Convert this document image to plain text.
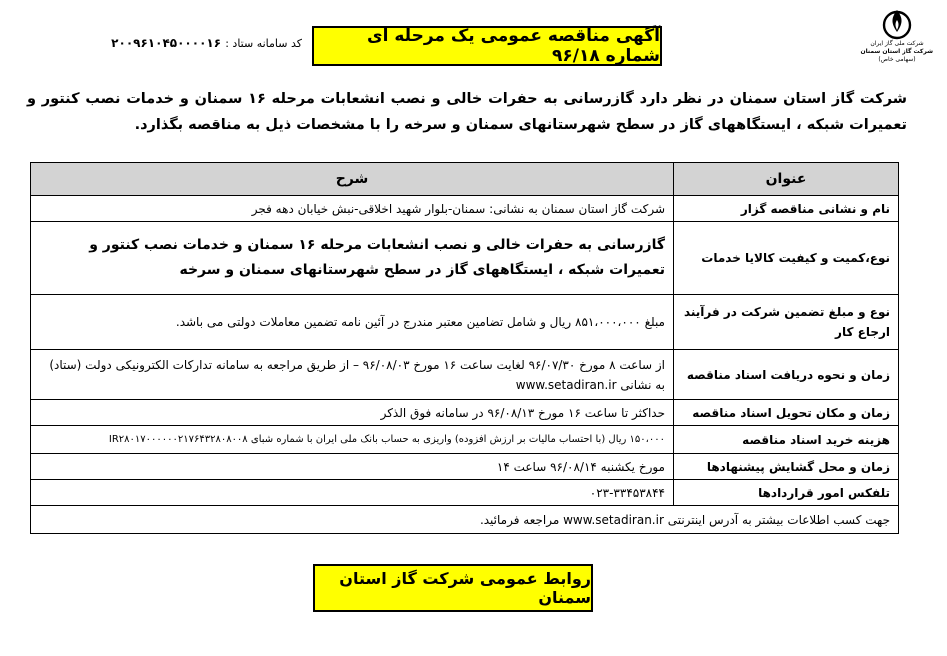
شرکت ملی گاز ایران
شرکت گاز استان سمنان
(سهامی خاص)
آگهی مناقصه عمومی یک مرحله ای شماره ۹۶/۱۸
کد سامانه ستاد : ۲۰۰۹۶۱۰۴۵۰۰۰۰۱۶
شرکت گاز استان سمنان در نظر دارد گازرسانی به حفرات خالی و نصب انشعابات مرحله ۱۶ سمنان و خدمات نصب کنتور و تعمیرات شبکه ، ایستگاههای گاز در سطح شهرستانهای سمنان و سرخه را با مشخصات ذیل به مناقصه بگذارد.
عنوان	شرح
نام و نشانی مناقصه گزار	شرکت گاز استان سمنان به نشانی: سمنان-بلوار شهید اخلاقی-نبش خیابان دهه فجر
نوع،کمیت و کیفیت کالایا خدمات	گازرسانی به حفرات خالی و نصب انشعابات مرحله ۱۶ سمنان و خدمات نصب کنتور و تعمیرات شبکه ، ایستگاههای گاز در سطح شهرستانهای سمنان و سرخه
نوع و مبلغ تضمین شرکت در فرآیند ارجاع کار	مبلغ ۸۵۱،۰۰۰،۰۰۰ ریال و شامل تضامین معتبر مندرج در آئین نامه تضمین معاملات دولتی می باشد.
زمان و نحوه دریافت اسناد مناقصه	از ساعت ۸ مورخ ۹۶/۰۷/۳۰ لغایت ساعت ۱۶ مورخ ۹۶/۰۸/۰۳ – از طریق مراجعه به سامانه تدارکات الکترونیکی دولت (ستاد) به نشانی www.setadiran.ir
زمان و مکان تحویل اسناد مناقصه	حداکثر تا ساعت ۱۶ مورخ ۹۶/۰۸/۱۳ در سامانه فوق الذکر
هزینه خرید اسناد مناقصه	۱۵۰،۰۰۰ ریال (با احتساب مالیات بر ارزش افزوده) واریزی به حساب بانک ملی ایران با شماره شبای IR۲۸۰۱۷۰۰۰۰۰۰۲۱۷۶۴۳۲۸۰۸۰۰۸
زمان و محل گشایش پیشنهادها	مورخ یکشنبه ۹۶/۰۸/۱۴ ساعت ۱۴
تلفکس امور قراردادها	۰۲۳-۳۳۴۵۳۸۴۴
جهت کسب اطلاعات بیشتر به آدرس اینترنتی www.setadiran.ir مراجعه فرمائید.	
روابط عمومی شرکت گاز استان سمنان
